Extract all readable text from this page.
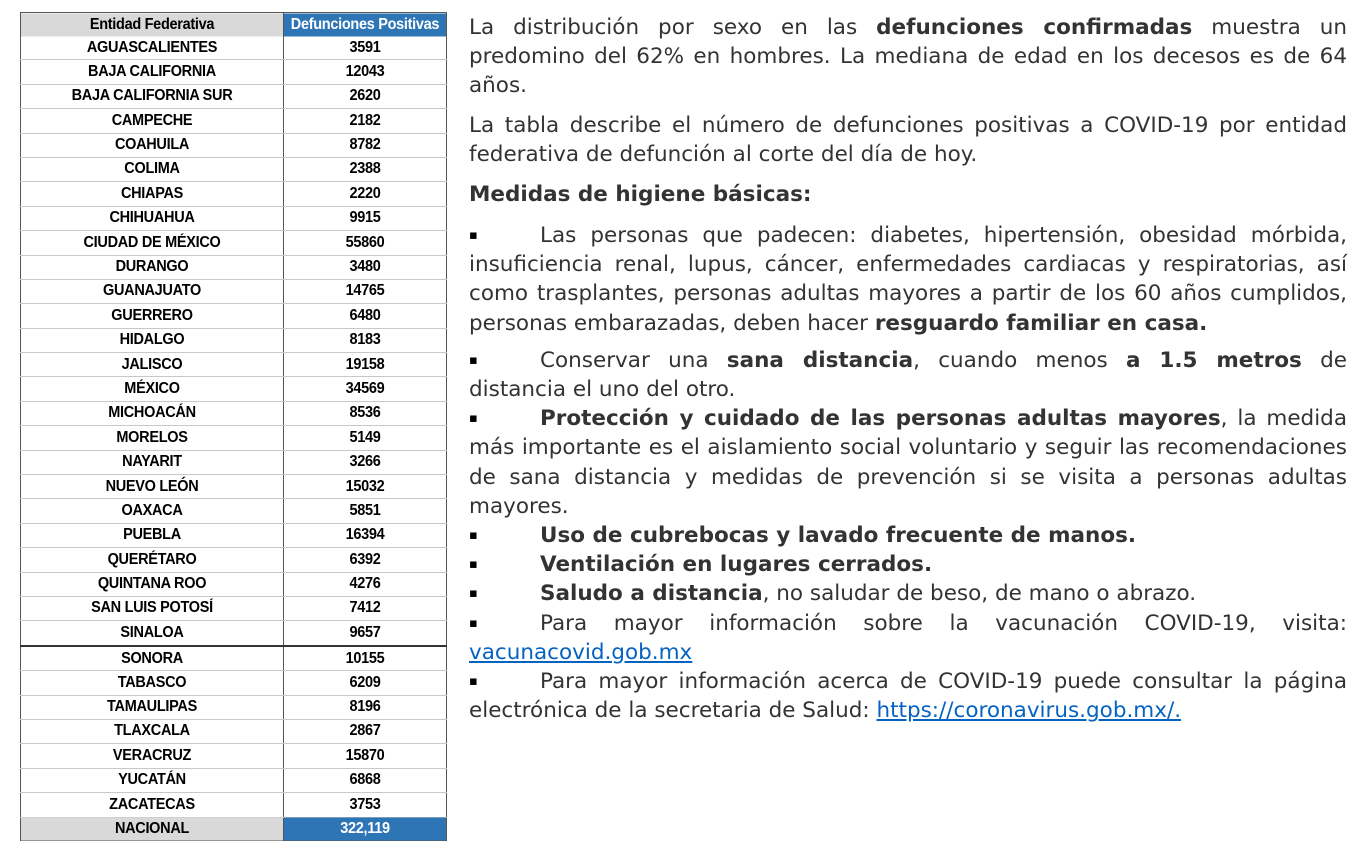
Entidad Federativa	Defunciones Positivas
AGUASCALIENTES	3591
BAJA CALIFORNIA	12043
BAJA CALIFORNIA SUR	2620
CAMPECHE	2182
COAHUILA	8782
COLIMA	2388
CHIAPAS	2220
CHIHUAHUA	9915
CIUDAD DE MÉXICO	55860
DURANGO	3480
GUANAJUATO	14765
GUERRERO	6480
HIDALGO	8183
JALISCO	19158
MÉXICO	34569
MICHOACÁN	8536
MORELOS	5149
NAYARIT	3266
NUEVO LEÓN	15032
OAXACA	5851
PUEBLA	16394
QUERÉTARO	6392
QUINTANA ROO	4276
SAN LUIS POTOSÍ	7412
SINALOA	9657
SONORA	10155
TABASCO	6209
TAMAULIPAS	8196
TLAXCALA	2867
VERACRUZ	15870
YUCATÁN	6868
ZACATECAS	3753
NACIONAL	322,119

La distribución por sexo en las defunciones confirmadas muestra un predomino del 62% en hombres. La mediana de edad en los decesos es de 64 años.

La tabla describe el número de defunciones positivas a COVID-19 por entidad federativa de defunción al corte del día de hoy.

Medidas de higiene básicas:

▪	Las personas que padecen: diabetes, hipertensión, obesidad mórbida, insuficiencia renal, lupus, cáncer, enfermedades cardiacas y respiratorias, así como trasplantes, personas adultas mayores a partir de los 60 años cumplidos, personas embarazadas, deben hacer resguardo familiar en casa.

▪	Conservar una sana distancia, cuando menos a 1.5 metros de distancia el uno del otro.

▪	Protección y cuidado de las personas adultas mayores, la medida más importante es el aislamiento social voluntario y seguir las recomendaciones de sana distancia y medidas de prevención si se visita a personas adultas mayores.

▪	Uso de cubrebocas y lavado frecuente de manos.

▪	Ventilación en lugares cerrados.

▪	Saludo a distancia, no saludar de beso, de mano o abrazo.

▪	Para mayor información sobre la vacunación COVID-19, visita: vacunacovid.gob.mx

▪	Para mayor información acerca de COVID-19 puede consultar la página electrónica de la secretaria de Salud: https://coronavirus.gob.mx/.
